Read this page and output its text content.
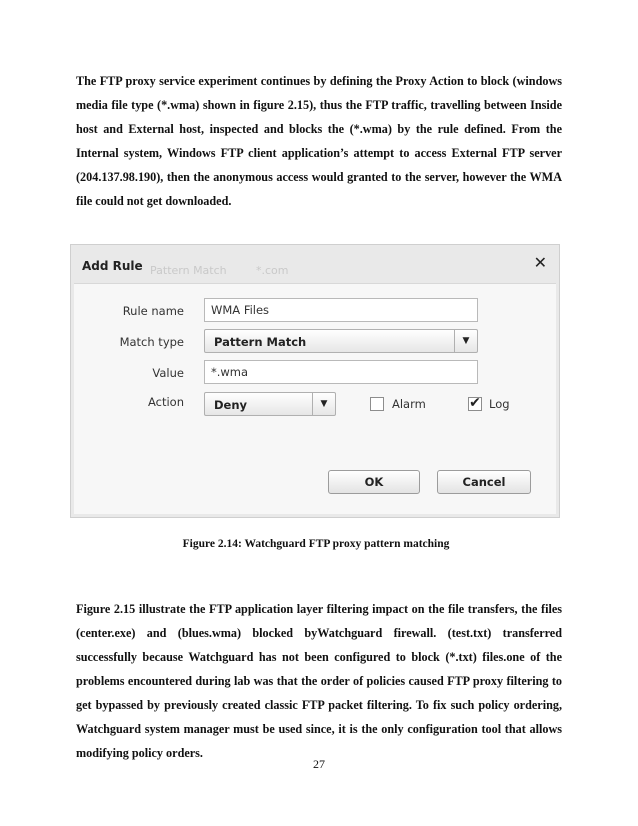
The FTP proxy service experiment continues by defining the Proxy Action to block (windows media file type (*.wma) shown in figure 2.15), thus the FTP traffic, travelling between Inside host and External host, inspected and blocks the (*.wma) by the rule defined. From the Internal system, Windows FTP client application’s attempt to access External FTP server (204.137.98.190), then the anonymous access would granted to the server, however the WMA file could not get downloaded.

Add Rule Pattern Match	*.com	✕
Rule name	WMA Files
Match type	Pattern Match	▼
Value	*.wma
Action	Deny	▼	Alarm	✔ Log
OK	Cancel
Figure 2.14: Watchguard FTP proxy pattern matching

Figure 2.15 illustrate the FTP application layer filtering impact on the file transfers, the files (center.exe) and (blues.wma) blocked byWatchguard firewall. (test.txt) transferred successfully because Watchguard has not been configured to block (*.txt) files.one of the problems encountered during lab was that the order of policies caused FTP proxy filtering to get bypassed by previously created classic FTP packet filtering. To fix such policy ordering, Watchguard system manager must be used since, it is the only configuration tool that allows modifying policy orders.

27
